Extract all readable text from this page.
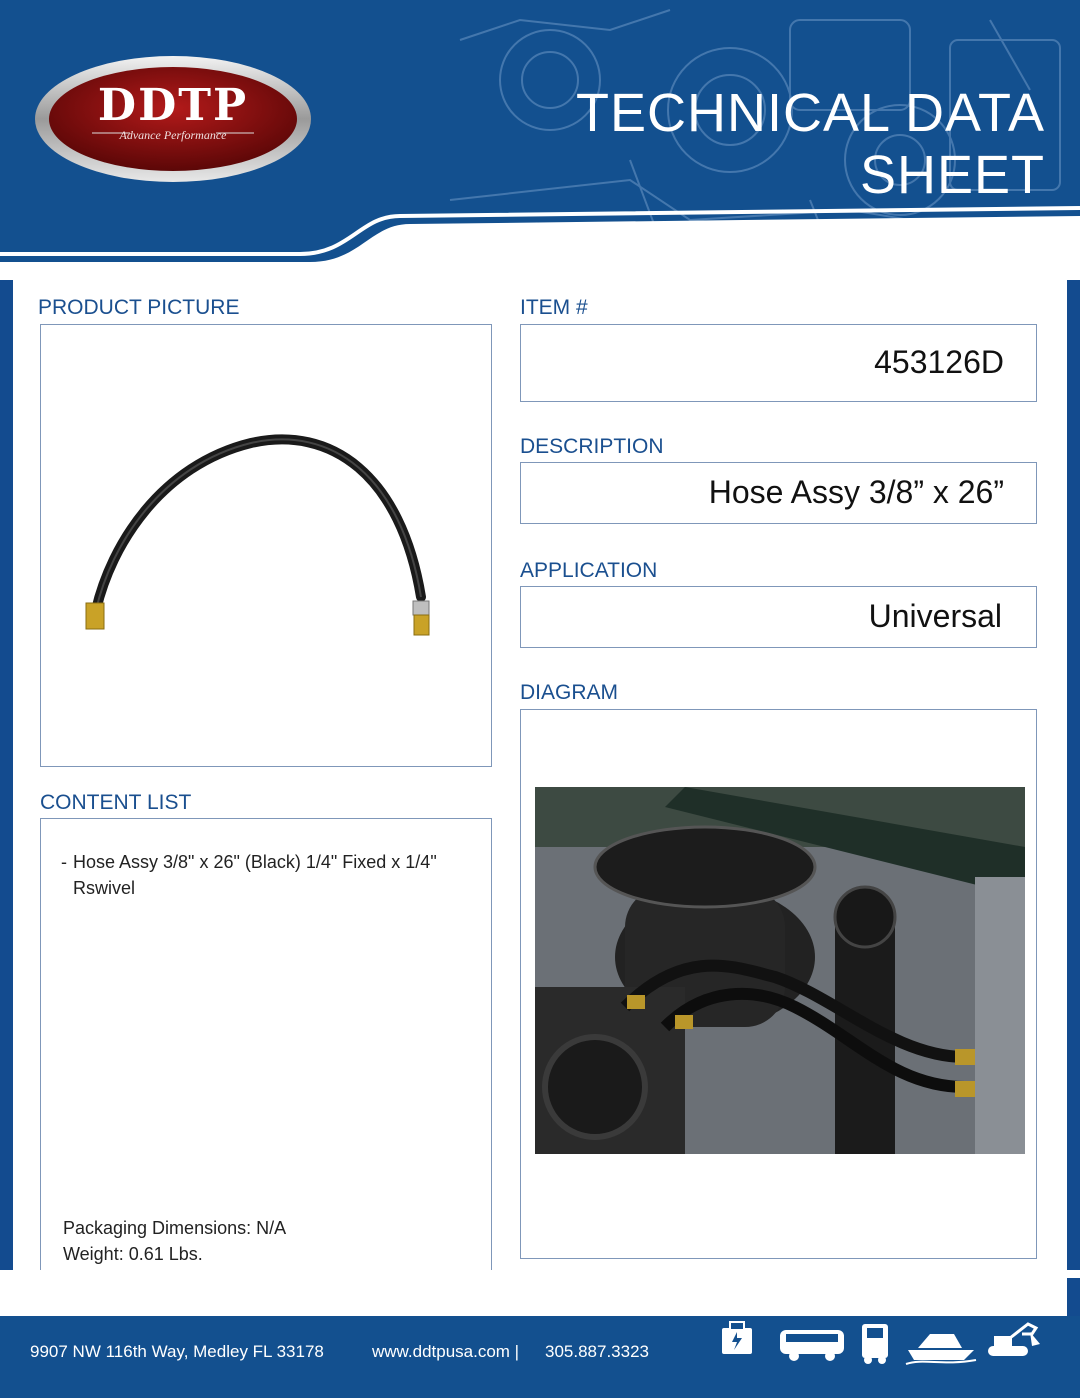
DDTP
Advance Performance	TECHNICAL DATA SHEET
PRODUCT PICTURE
CONTENT LIST
- Hose Assy 3/8" x 26" (Black) 1/4" Fixed x 1/4" Rswivel
Packaging Dimensions: N/A
Weight: 0.61 Lbs.
ITEM #
453126D
DESCRIPTION
Hose Assy 3/8” x 26”
APPLICATION
Universal
DIAGRAM
9907 NW 116th Way, Medley FL 33178	www.ddtpusa.com | 305.887.3323
